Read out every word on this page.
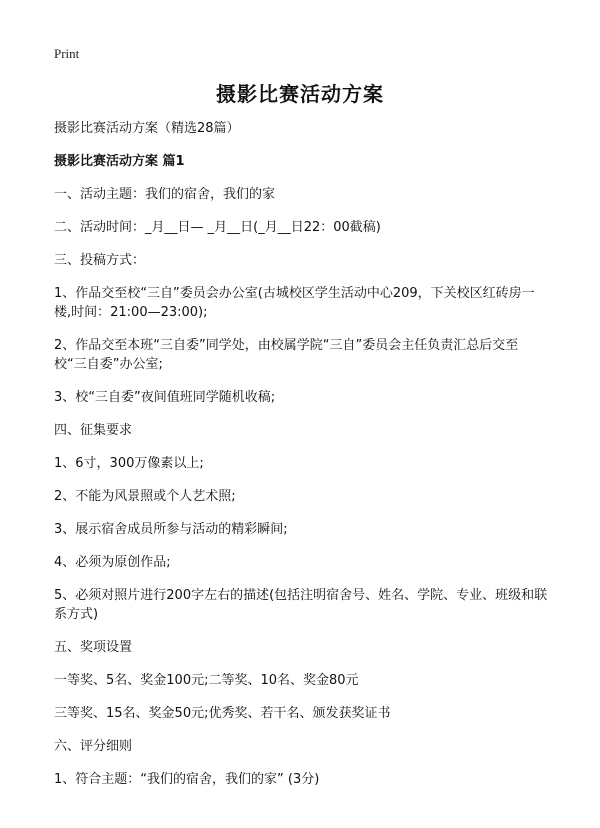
Print
摄影比赛活动方案

摄影比赛活动方案（精选28篇）

摄影比赛活动方案 篇1

一、活动主题：我们的宿舍，我们的家

二、活动时间：_月__日— _月__日(_月__日22：00截稿)

三、投稿方式：

1、作品交至校“三自”委员会办公室(古城校区学生活动中心209，下关校区红砖房一楼,时间：21:00—23:00);

2、作品交至本班“三自委”同学处，由校属学院“三自”委员会主任负责汇总后交至校“三自委”办公室;

3、校“三自委”夜间值班同学随机收稿;

四、征集要求

1、6寸，300万像素以上;

2、不能为风景照或个人艺术照;

3、展示宿舍成员所参与活动的精彩瞬间;

4、必须为原创作品;

5、必须对照片进行200字左右的描述(包括注明宿舍号、姓名、学院、专业、班级和联系方式)

五、奖项设置

一等奖、5名、奖金100元;二等奖、10名、奖金80元

三等奖、15名、奖金50元;优秀奖、若干名、颁发获奖证书

六、评分细则

1、符合主题：“我们的宿舍，我们的家” (3分)
